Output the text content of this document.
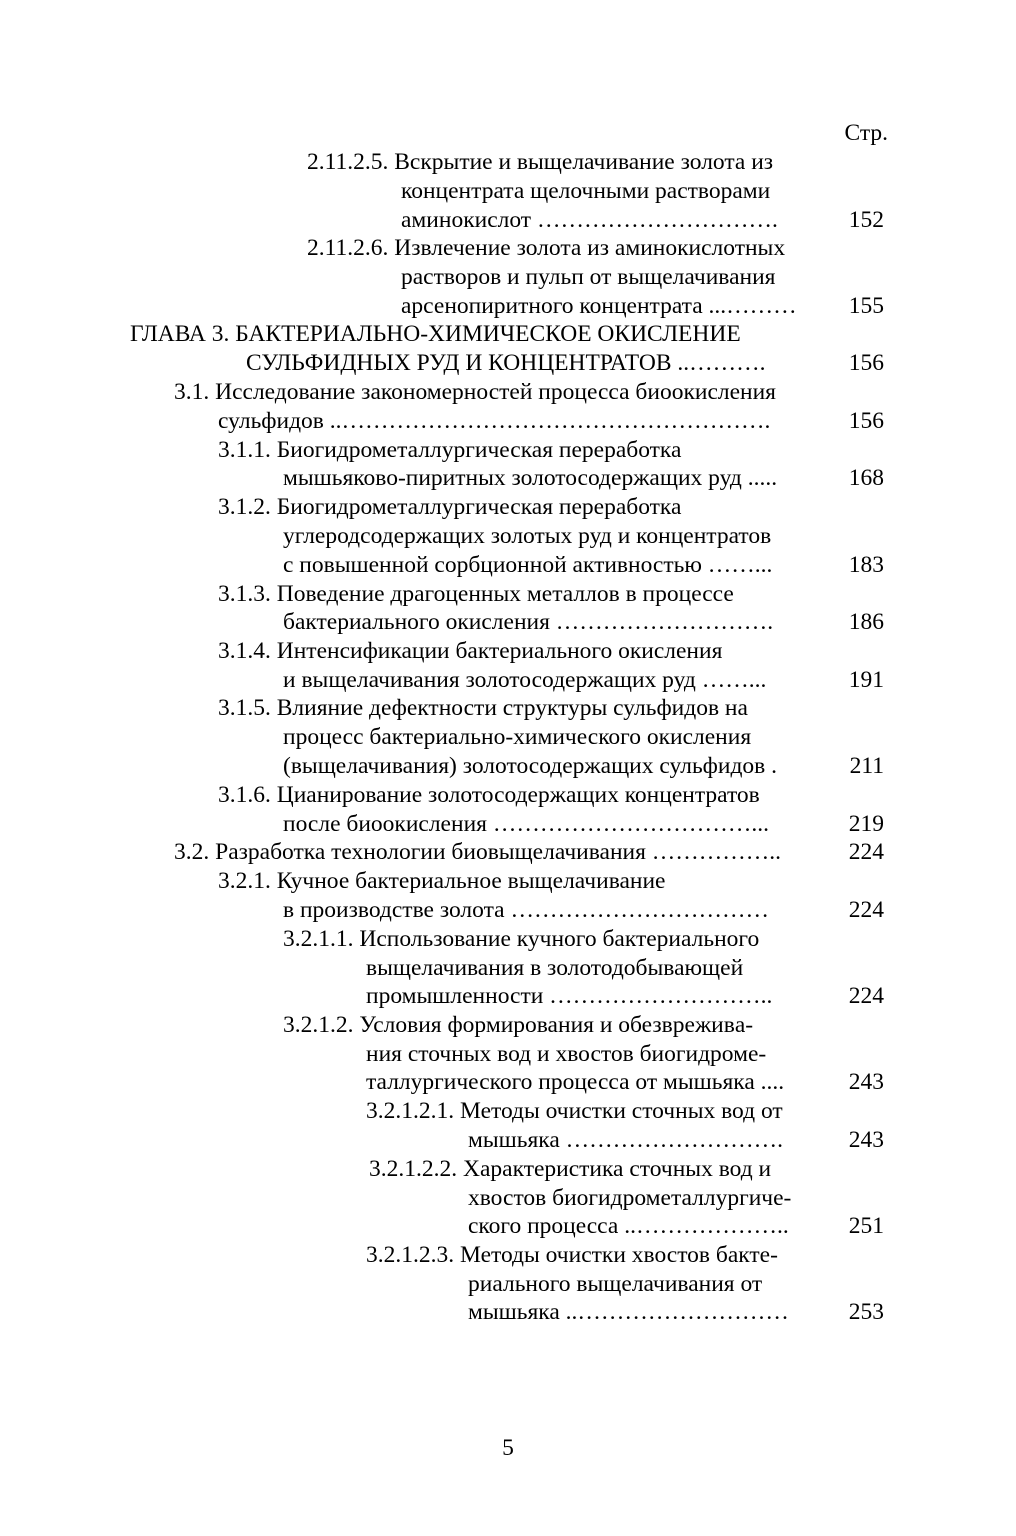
Стр.
2.11.2.5. Вскрытие и выщелачивание золота из
концентрата щелочными растворами
аминокислот ………………………….	152
2.11.2.6. Извлечение золота из аминокислотных
растворов и пульп от выщелачивания
арсенопиритного концентрата ...………	155
ГЛАВА 3. БАКТЕРИАЛЬНО-ХИМИЧЕСКОЕ ОКИСЛЕНИЕ
СУЛЬФИДНЫХ РУД И КОНЦЕНТРАТОВ ..……….	156
3.1. Исследование закономерностей процесса биоокисления
сульфидов ..……………………………………………….	156
3.1.1. Биогидрометаллургическая переработка
мышьяково-пиритных золотосодержащих руд .....	168
3.1.2. Биогидрометаллургическая переработка
углеродсодержащих золотых руд и концентратов
с повышенной сорбционной активностью ……...	183
3.1.3. Поведение драгоценных металлов в процессе
бактериального окисления ……………………….	186
3.1.4. Интенсификации бактериального окисления
и выщелачивания золотосодержащих руд ……...	191
3.1.5. Влияние дефектности структуры сульфидов на
процесс бактериально-химического окисления
(выщелачивания) золотосодержащих сульфидов .	211
3.1.6. Цианирование золотосодержащих концентратов
после биоокисления ……………………………...	219
3.2. Разработка технологии биовыщелачивания ……………..	224
3.2.1. Кучное бактериальное выщелачивание
в производстве золота ……………………………	224
3.2.1.1. Использование кучного бактериального
выщелачивания в золотодобывающей
промышленности ………………………..	224
3.2.1.2. Условия формирования и обезвреживa-
ния сточных вод и хвостов биогидроме-
таллургического процесса от мышьяка ....	243
3.2.1.2.1. Методы очистки сточных вод от
мышьяка ……………………….	243
3.2.1.2.2. Характеристика сточных вод и
хвостов биогидрометаллургиче-
ского процесса ..………………..	251
3.2.1.2.3. Методы очистки хвостов бакте-
риального выщелачивания от
мышьяка ..………………………	253
5
